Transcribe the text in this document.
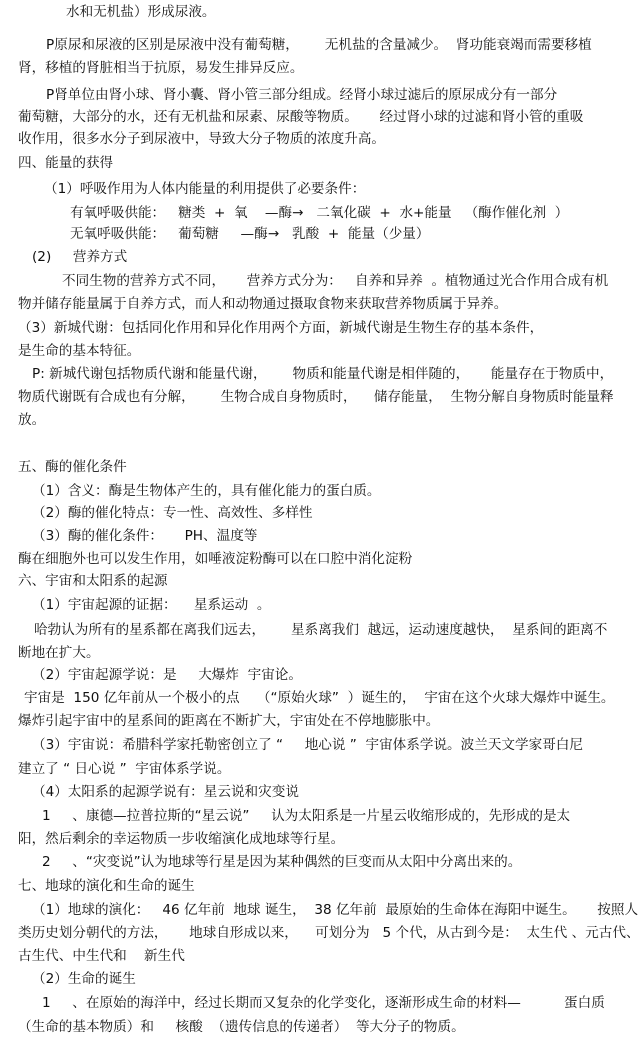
水和无机盐）形成尿液。
P原尿和尿液的区别是尿液中没有葡萄糖，      无机盐的含量减少。  肾功能衰竭而需要移植
肾，移植的肾脏相当于抗原，易发生排异反应。
P肾单位由肾小球、肾小囊、肾小管三部分组成。经肾小球过滤后的原尿成分有一部分
葡萄糖，大部分的水，还有无机盐和尿素、尿酸等物质。     经过肾小球的过滤和肾小管的重吸
收作用，很多水分子到尿液中，导致大分子物质的浓度升高。
四、能量的获得
（1）呼吸作用为人体内能量的利用提供了必要条件：
有氧呼吸供能：   糖类  +  氧    —酶→   二氧化碳  +  水+能量   （酶作催化剂  ）
无氧呼吸供能：   葡萄糖     —酶→   乳酸  +  能量（少量）
(2)     营养方式
不同生物的营养方式不同，     营养方式分为：   自养和异养  。植物通过光合作用合成有机
物并储存能量属于自养方式，而人和动物通过摄取食物来获取营养物质属于异养。
（3）新城代谢：包括同化作用和异化作用两个方面，新城代谢是生物生存的基本条件，
是生命的基本特征。
P: 新城代谢包括物质代谢和能量代谢，      物质和能量代谢是相伴随的，     能量存在于物质中，
物质代谢既有合成也有分解，      生物合成自身物质时，    储存能量，  生物分解自身物质时能量释
放。
五、酶的催化条件
（1）含义：酶是生物体产生的，具有催化能力的蛋白质。
（2）酶的催化特点：专一性、高效性、多样性
（3）酶的催化条件：     PH、温度等
酶在细胞外也可以发生作用，如唾液淀粉酶可以在口腔中消化淀粉
六、宇宙和太阳系的起源
（1）宇宙起源的证据：    星系运动  。
哈勃认为所有的星系都在离我们远去，      星系离我们  越远，运动速度越快，  星系间的距离不
断地在扩大。
（2）宇宙起源学说：是     大爆炸  宇宙论。
宇宙是  150 亿年前从一个极小的点    （“原始火球”  ）诞生的，  宇宙在这个火球大爆炸中诞生。
爆炸引起宇宙中的星系间的距离在不断扩大，宇宙处在不停地膨胀中。
（3）宇宙说：希腊科学家托勒密创立了 “     地心说 ”  宇宙体系学说。波兰天文学家哥白尼
建立了 “ 日心说 ”  宇宙体系学说。
（4）太阳系的起源学说有：星云说和灾变说
1     、康德—拉普拉斯的“星云说”     认为太阳系是一片星云收缩形成的，先形成的是太
阳，然后剩余的幸运物质一步收缩演化成地球等行星。
2     、“灾变说”认为地球等行星是因为某种偶然的巨变而从太阳中分离出来的。
七、地球的演化和生命的诞生
（1）地球的演化：   46 亿年前  地球 诞生，  38 亿年前  最原始的生命体在海阳中诞生。     按照人
类历史划分朝代的方法，     地球自形成以来，    可划分为   5 个代，从古到今是：  太生代 、元古代、
古生代、中生代和    新生代
（2）生命的诞生
1     、在原始的海洋中，经过长期而又复杂的化学变化，逐渐形成生命的材料—          蛋白质
（生命的基本物质）和     核酸  （遗传信息的传递者）  等大分子的物质。
